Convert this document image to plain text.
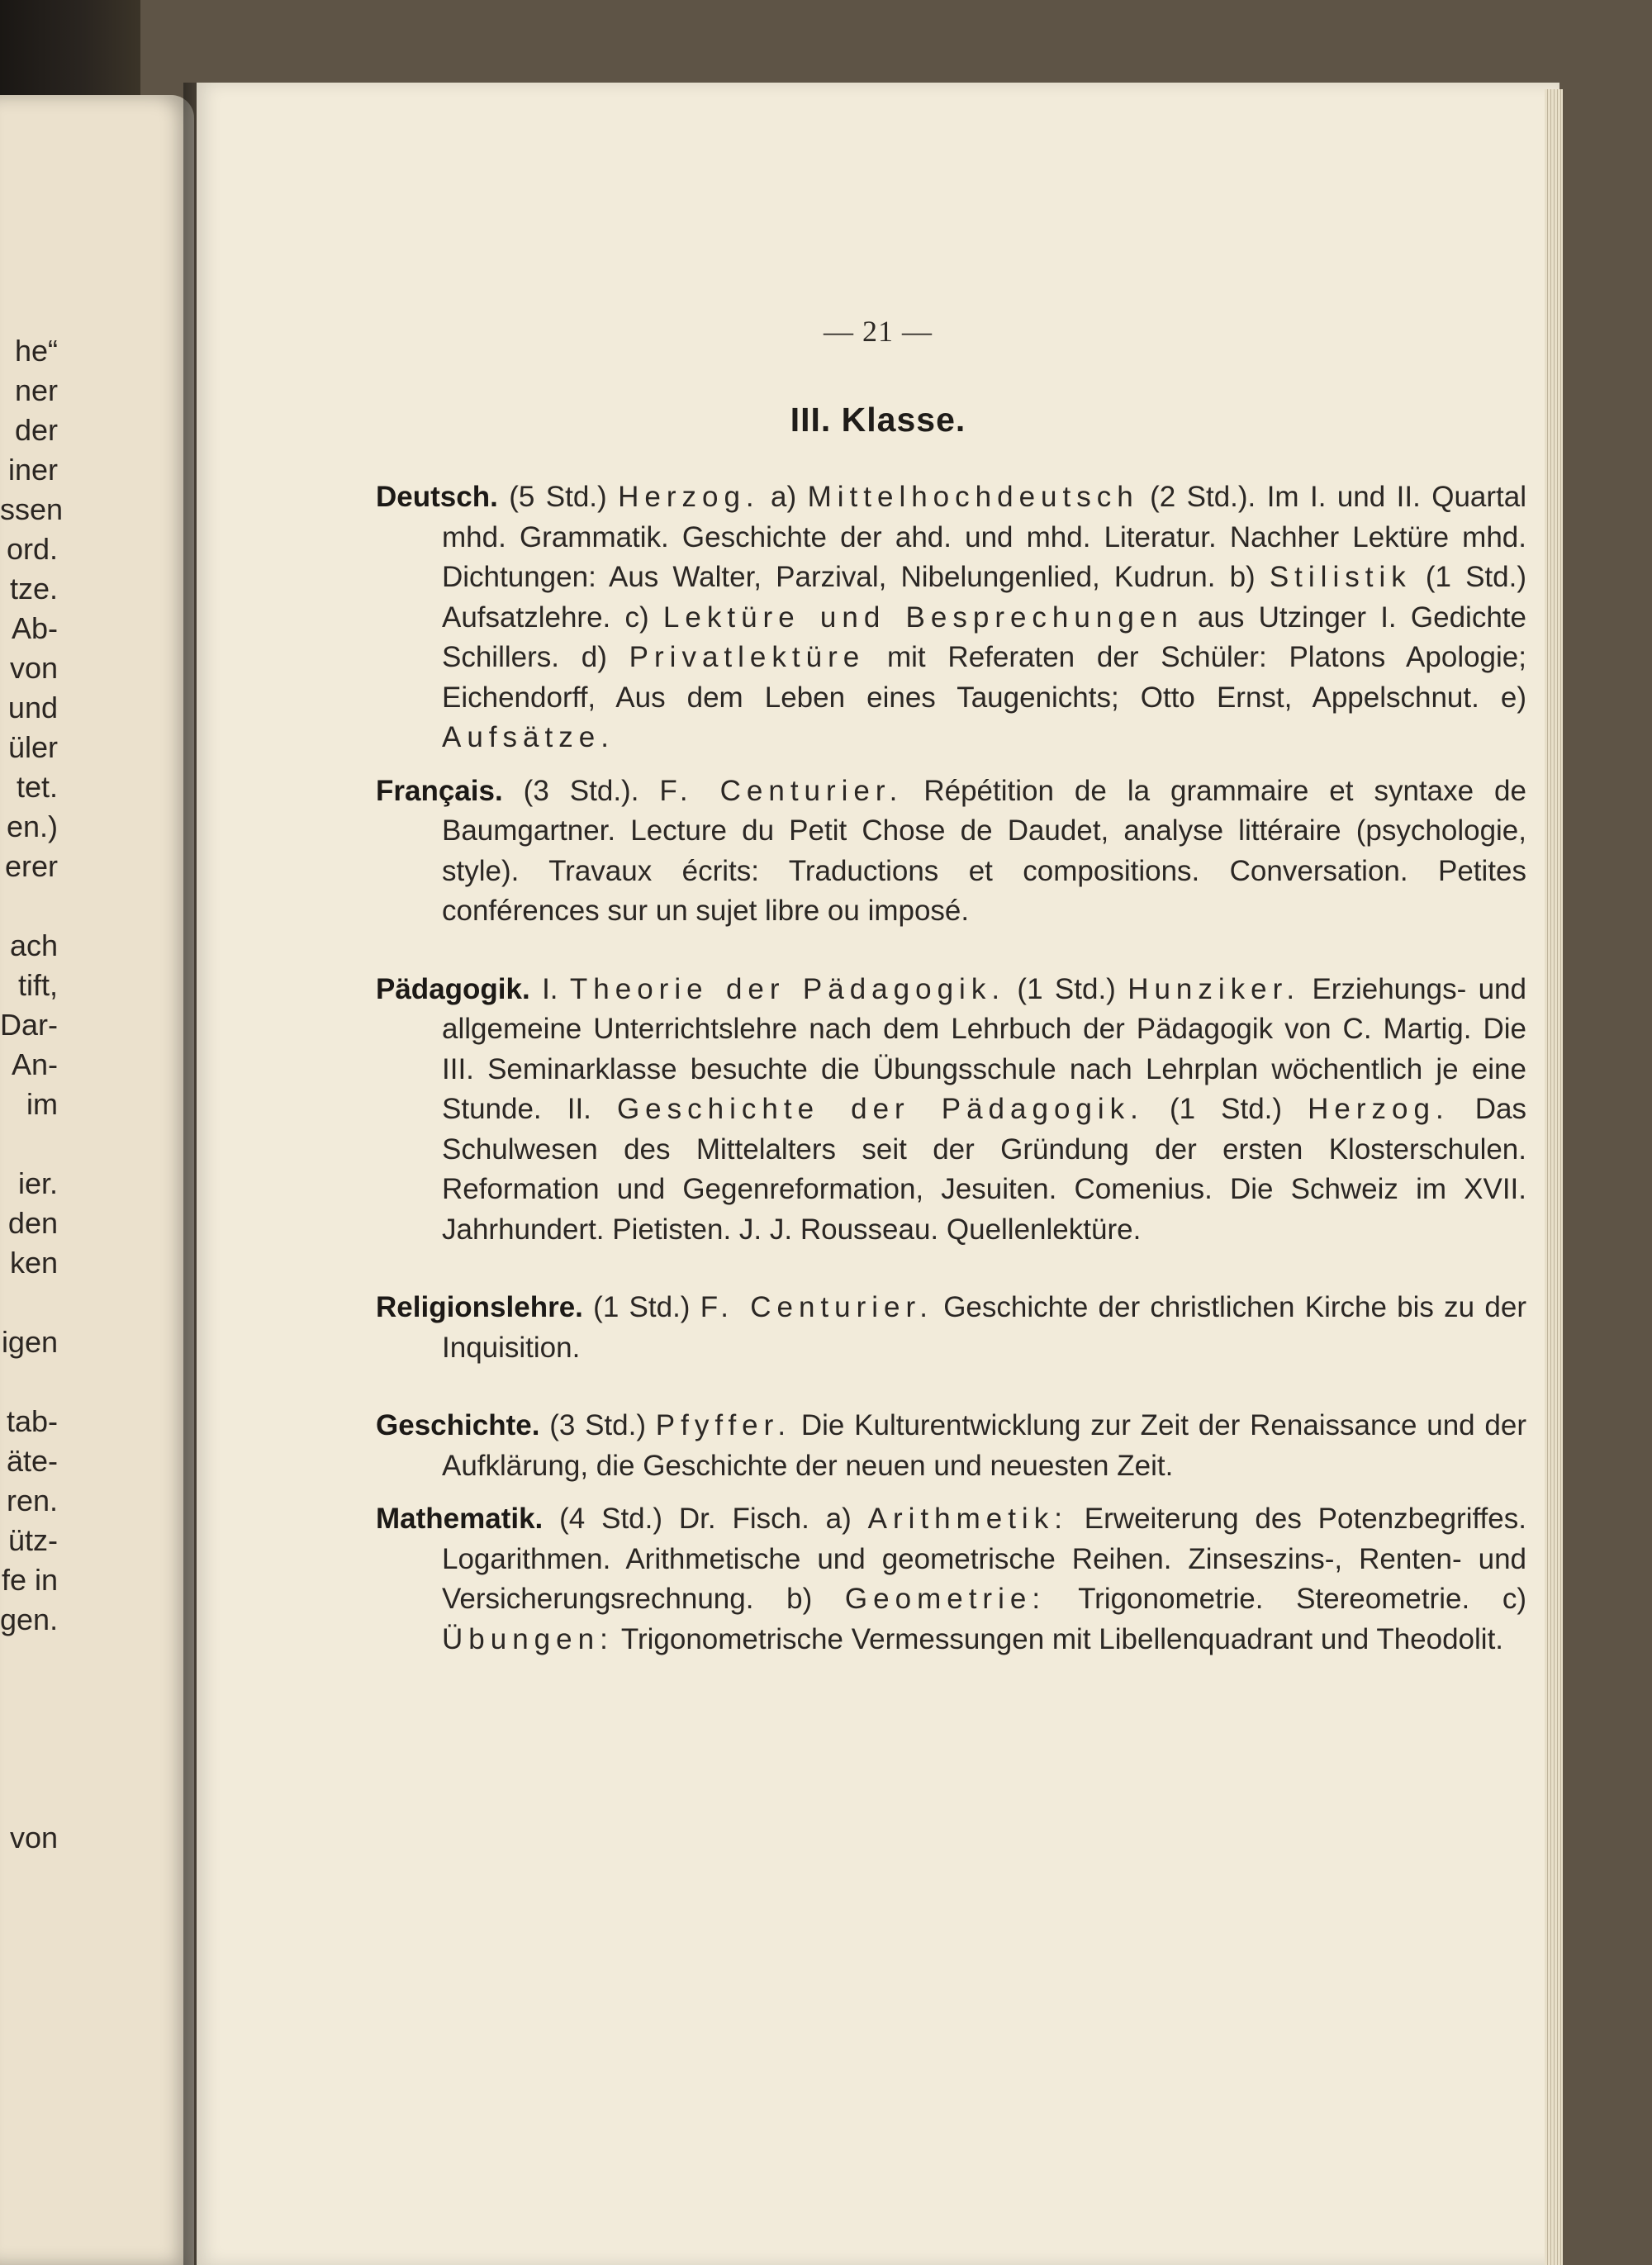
he“
ner
der
iner
ssen
ord.
tze.
Ab-
von
und
üler
tet.
en.)
erer
ach
tift,
Dar-
An-
im
ier.
den
ken
igen
tab-
äte-
ren.
ütz-
fe in
gen.
von
— 21 —
III. Klasse.

Deutsch. (5 Std.) Herzog. a) Mittelhochdeutsch (2 Std.). Im I. und II. Quartal mhd. Grammatik. Geschichte der ahd. und mhd. Literatur. Nachher Lektüre mhd. Dichtungen: Aus Walter, Parzival, Nibelungenlied, Kudrun. b) Stilistik (1 Std.) Aufsatzlehre. c) Lektüre und Besprechungen aus Utzinger I. Gedichte Schillers. d) Privatlektüre mit Referaten der Schüler: Platons Apologie; Eichendorff, Aus dem Leben eines Taugenichts; Otto Ernst, Appelschnut. e) Aufsätze.

Français. (3 Std.). F. Centurier. Répétition de la grammaire et syntaxe de Baumgartner. Lecture du Petit Chose de Daudet, analyse littéraire (psychologie, style). Travaux écrits: Traductions et compositions. Conversation. Petites conférences sur un sujet libre ou imposé.

Pädagogik. I. Theorie der Pädagogik. (1 Std.) Hunziker. Erziehungs- und allgemeine Unterrichtslehre nach dem Lehrbuch der Pädagogik von C. Martig. Die III. Seminarklasse besuchte die Übungsschule nach Lehrplan wöchentlich je eine Stunde. II. Geschichte der Pädagogik. (1 Std.) Herzog. Das Schulwesen des Mittelalters seit der Gründung der ersten Klosterschulen. Reformation und Gegenreformation, Jesuiten. Comenius. Die Schweiz im XVII. Jahrhundert. Pietisten. J. J. Rousseau. Quellenlektüre.

Religionslehre. (1 Std.) F. Centurier. Geschichte der christlichen Kirche bis zu der Inquisition.

Geschichte. (3 Std.) Pfyffer. Die Kulturentwicklung zur Zeit der Renaissance und der Aufklärung, die Geschichte der neuen und neuesten Zeit.

Mathematik. (4 Std.) Dr. Fisch. a) Arithmetik: Erweiterung des Potenzbegriffes. Logarithmen. Arithmetische und geometrische Reihen. Zinseszins-, Renten- und Versicherungsrechnung. b) Geometrie: Trigonometrie. Stereometrie. c) Übungen: Trigonometrische Vermessungen mit Libellenquadrant und Theodolit.
